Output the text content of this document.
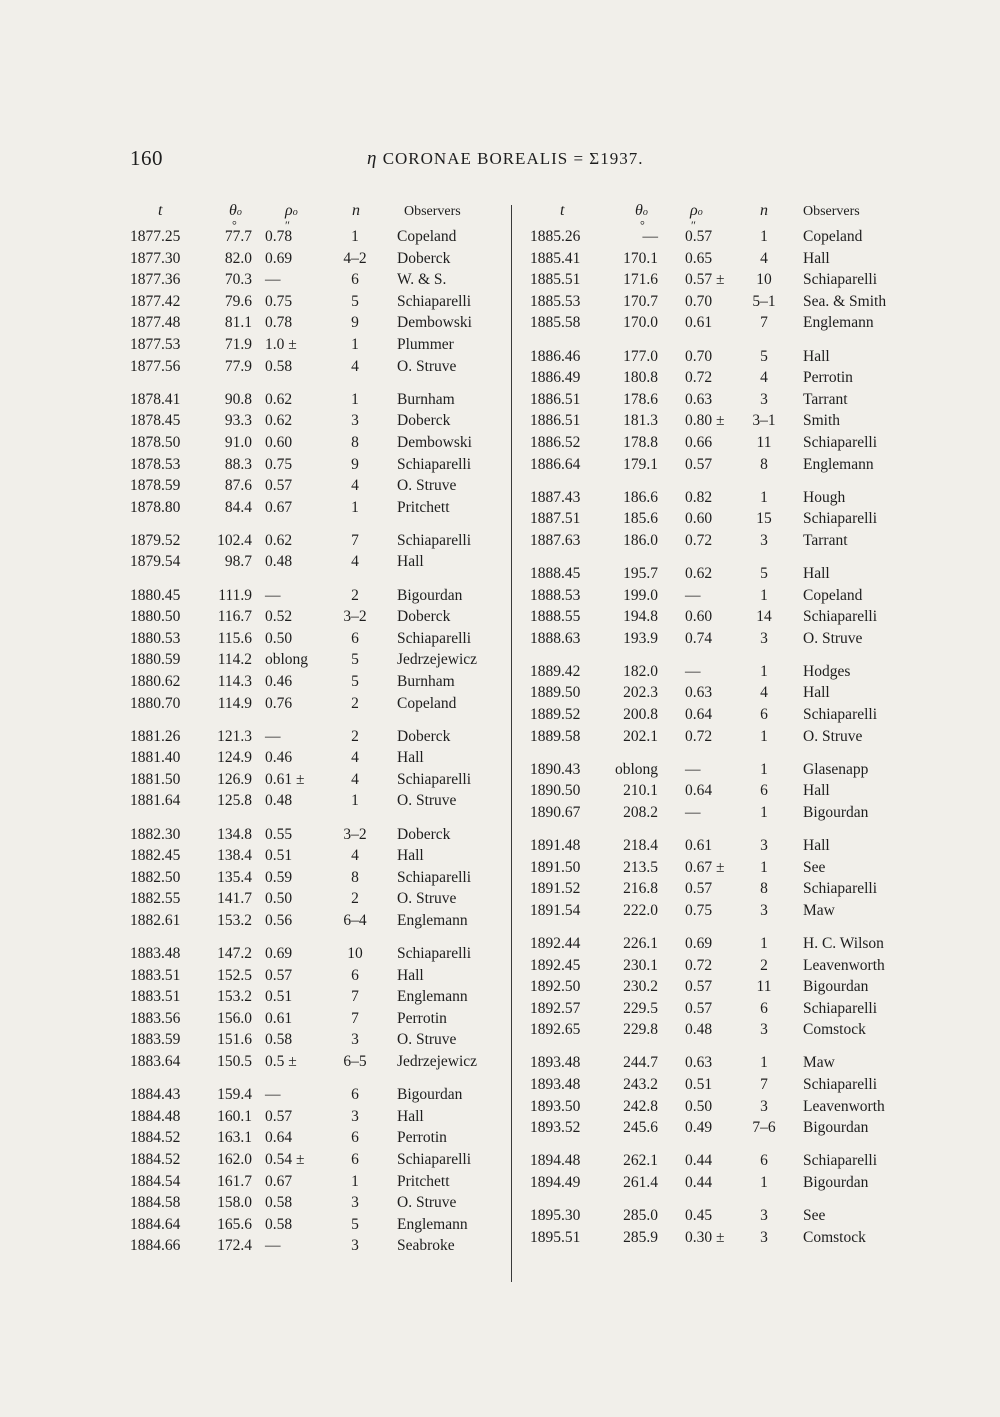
160	η CORONAE BOREALIS = Σ1937.
t	θo	ρo	n	Observers
°	″
t	θo	ρo	n	Observers
°	″
1877.25	77.7 0.78	1	Copeland
1877.30	82.0 0.69	4–2	Doberck
1877.36	70.3 —	6	W. & S.
1877.42	79.6 0.75	5	Schiaparelli
1877.48	81.1 0.78	9	Dembowski
1877.53	71.9 1.0 ±	1	Plummer
1877.56	77.9 0.58	4	O. Struve
1878.41	90.8 0.62	1	Burnham
1878.45	93.3 0.62	3	Doberck
1878.50	91.0 0.60	8	Dembowski
1878.53	88.3 0.75	9	Schiaparelli
1878.59	87.6 0.57	4	O. Struve
1878.80	84.4 0.67	1	Pritchett
1879.52	102.4 0.62	7	Schiaparelli
1879.54	98.7 0.48	4	Hall
1880.45	111.9 —	2	Bigourdan
1880.50	116.7 0.52	3–2	Doberck
1880.53	115.6 0.50	6	Schiaparelli
1880.59	114.2 oblong	5	Jedrzejewicz
1880.62	114.3 0.46	5	Burnham
1880.70	114.9 0.76	2	Copeland
1881.26	121.3 —	2	Doberck
1881.40	124.9 0.46	4	Hall
1881.50	126.9 0.61 ±	4	Schiaparelli
1881.64	125.8 0.48	1	O. Struve
1882.30	134.8 0.55	3–2	Doberck
1882.45	138.4 0.51	4	Hall
1882.50	135.4 0.59	8	Schiaparelli
1882.55	141.7 0.50	2	O. Struve
1882.61	153.2 0.56	6–4	Englemann
1883.48	147.2 0.69	10	Schiaparelli
1883.51	152.5 0.57	6	Hall
1883.51	153.2 0.51	7	Englemann
1883.56	156.0 0.61	7	Perrotin
1883.59	151.6 0.58	3	O. Struve
1883.64	150.5 0.5 ±	6–5	Jedrzejewicz
1884.43	159.4 —	6	Bigourdan
1884.48	160.1 0.57	3	Hall
1884.52	163.1 0.64	6	Perrotin
1884.52	162.0 0.54 ±	6	Schiaparelli
1884.54	161.7 0.67	1	Pritchett
1884.58	158.0 0.58	3	O. Struve
1884.64	165.6 0.58	5	Englemann
1884.66	172.4 —	3	Seabroke
1885.26	— 0.57	1	Copeland
1885.41	170.1 0.65	4	Hall
1885.51	171.6 0.57 ±	10	Schiaparelli
1885.53	170.7 0.70	5–1	Sea. & Smith
1885.58	170.0 0.61	7	Englemann
1886.46	177.0 0.70	5	Hall
1886.49	180.8 0.72	4	Perrotin
1886.51	178.6 0.63	3	Tarrant
1886.51	181.3 0.80 ±	3–1	Smith
1886.52	178.8 0.66	11	Schiaparelli
1886.64	179.1 0.57	8	Englemann
1887.43	186.6 0.82	1	Hough
1887.51	185.6 0.60	15	Schiaparelli
1887.63	186.0 0.72	3	Tarrant
1888.45	195.7 0.62	5	Hall
1888.53	199.0 —	1	Copeland
1888.55	194.8 0.60	14	Schiaparelli
1888.63	193.9 0.74	3	O. Struve
1889.42	182.0 —	1	Hodges
1889.50	202.3 0.63	4	Hall
1889.52	200.8 0.64	6	Schiaparelli
1889.58	202.1 0.72	1	O. Struve
1890.43	oblong —	1	Glasenapp
1890.50	210.1 0.64	6	Hall
1890.67	208.2 —	1	Bigourdan
1891.48	218.4 0.61	3	Hall
1891.50	213.5 0.67 ±	1	See
1891.52	216.8 0.57	8	Schiaparelli
1891.54	222.0 0.75	3	Maw
1892.44	226.1 0.69	1	H. C. Wilson
1892.45	230.1 0.72	2	Leavenworth
1892.50	230.2 0.57	11	Bigourdan
1892.57	229.5 0.57	6	Schiaparelli
1892.65	229.8 0.48	3	Comstock
1893.48	244.7 0.63	1	Maw
1893.48	243.2 0.51	7	Schiaparelli
1893.50	242.8 0.50	3	Leavenworth
1893.52	245.6 0.49	7–6	Bigourdan
1894.48	262.1 0.44	6	Schiaparelli
1894.49	261.4 0.44	1	Bigourdan
1895.30	285.0 0.45	3	See
1895.51	285.9 0.30 ±	3	Comstock
